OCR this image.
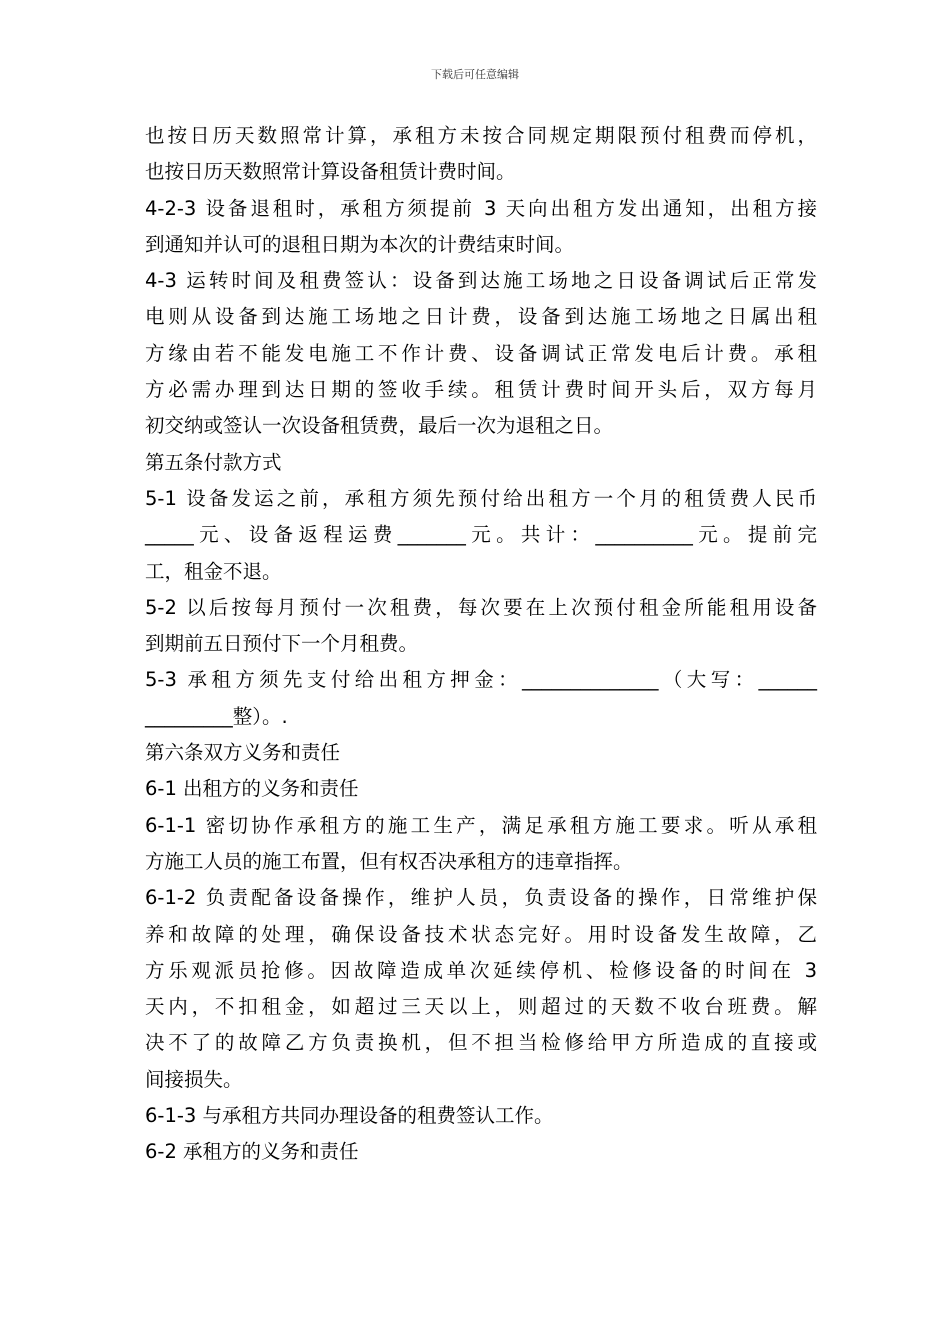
下载后可任意编辑
也按日历天数照常计算，承租方未按合同规定期限预付租费而停机，
也按日历天数照常计算设备租赁计费时间。
4-2-3 设备退租时，承租方须提前 3 天向出租方发出通知，出租方接
到通知并认可的退租日期为本次的计费结束时间。
4-3 运转时间及租费签认：设备到达施工场地之日设备调试后正常发
电则从设备到达施工场地之日计费，设备到达施工场地之日属出租
方缘由若不能发电施工不作计费、设备调试正常发电后计费。承租
方必需办理到达日期的签收手续。租赁计费时间开头后，双方每月
初交纳或签认一次设备租赁费，最后一次为退租之日。
第五条付款方式
5-1 设备发运之前，承租方须先预付给出租方一个月的租赁费人民币
_____元、设备返程运费_______元。共计：__________元。提前完
工，租金不退。
5-2 以后按每月预付一次租费，每次要在上次预付租金所能租用设备
到期前五日预付下一个月租费。
5-3 承租方须先支付给出租方押金：______________（大写：______
_________整）。.
第六条双方义务和责任
6-1 出租方的义务和责任
6-1-1 密切协作承租方的施工生产，满足承租方施工要求。听从承租
方施工人员的施工布置，但有权否决承租方的违章指挥。
6-1-2 负责配备设备操作，维护人员，负责设备的操作，日常维护保
养和故障的处理，确保设备技术状态完好。用时设备发生故障，乙
方乐观派员抢修。因故障造成单次延续停机、检修设备的时间在 3
天内，不扣租金，如超过三天以上，则超过的天数不收台班费。解
决不了的故障乙方负责换机，但不担当检修给甲方所造成的直接或
间接损失。
6-1-3 与承租方共同办理设备的租费签认工作。
6-2 承租方的义务和责任
